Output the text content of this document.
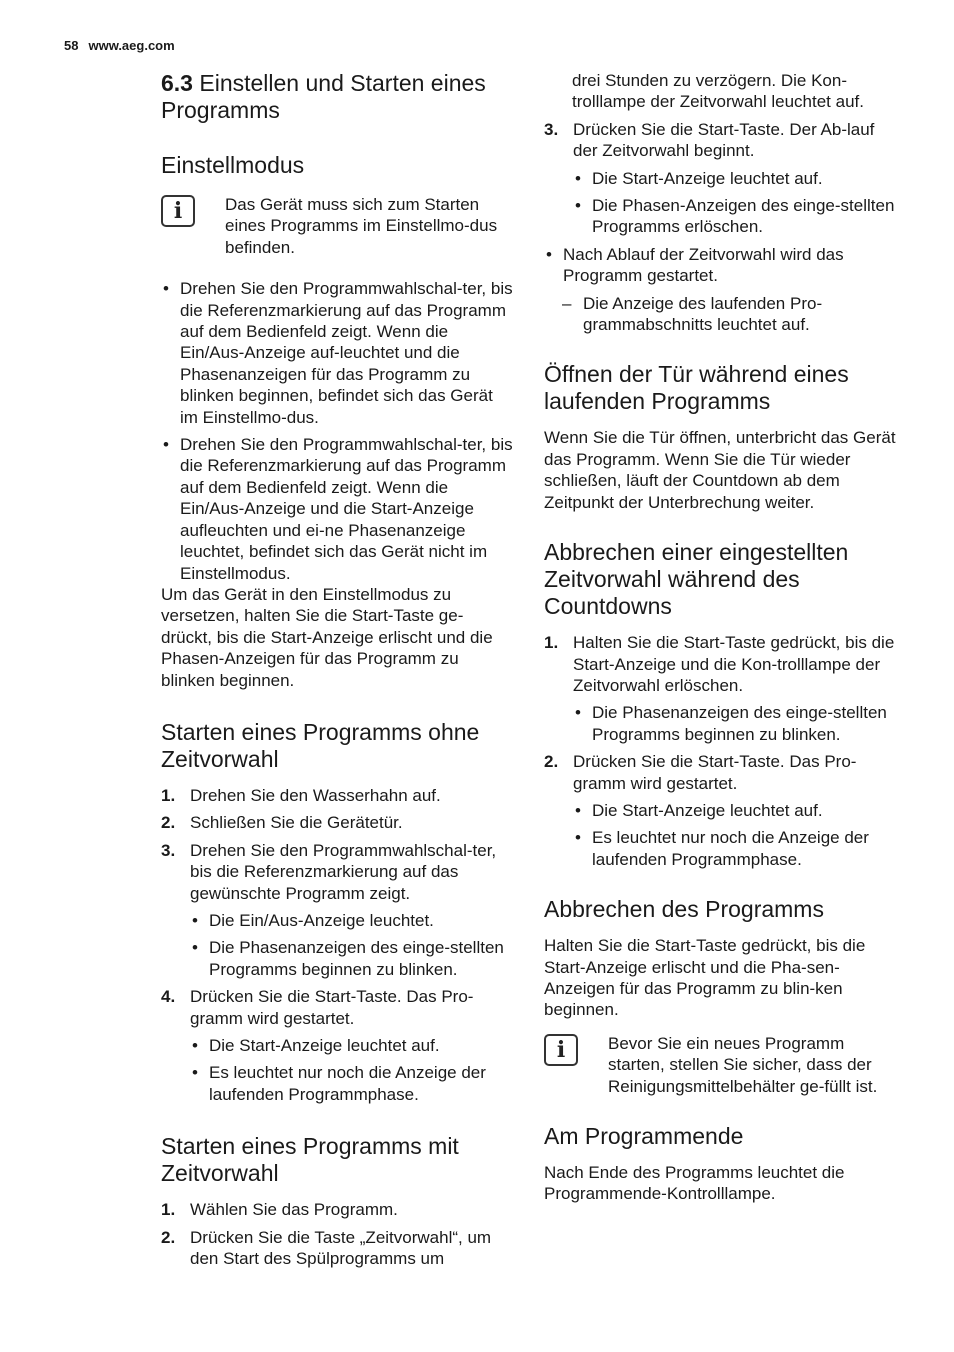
58 www.aeg.com
6.3 Einstellen und Starten eines Programms
Einstellmodus
i	Das Gerät muss sich zum Starten eines Programms im Einstellmo-dus befinden.

• Drehen Sie den Programmwahlschal-ter, bis die Referenzmarkierung auf das Programm auf dem Bedienfeld zeigt. Wenn die Ein/Aus-Anzeige auf-leuchtet und die Phasenanzeigen für das Programm zu blinken beginnen, befindet sich das Gerät im Einstellmo-dus.
• Drehen Sie den Programmwahlschal-ter, bis die Referenzmarkierung auf das Programm auf dem Bedienfeld zeigt. Wenn die Ein/Aus-Anzeige und die Start-Anzeige aufleuchten und ei-ne Phasenanzeige leuchtet, befindet sich das Gerät nicht im Einstellmodus.

Um das Gerät in den Einstellmodus zu versetzen, halten Sie die Start-Taste ge-drückt, bis die Start-Anzeige erlischt und die Phasen-Anzeigen für das Programm zu blinken beginnen.

Starten eines Programms ohne Zeitvorwahl
1. Drehen Sie den Wasserhahn auf.
2. Schließen Sie die Gerätetür.
3. Drehen Sie den Programmwahlschal-ter, bis die Referenzmarkierung auf das gewünschte Programm zeigt.
• Die Ein/Aus-Anzeige leuchtet.
• Die Phasenanzeigen des einge-stellten Programms beginnen zu blinken.
4. Drücken Sie die Start-Taste. Das Pro-gramm wird gestartet.
• Die Start-Anzeige leuchtet auf.
• Es leuchtet nur noch die Anzeige der laufenden Programmphase.
Starten eines Programms mit Zeitvorwahl
1. Wählen Sie das Programm.
2. Drücken Sie die Taste „Zeitvorwahl“, um den Start des Spülprogramms um

drei Stunden zu verzögern. Die Kon-trolllampe der Zeitvorwahl leuchtet auf.

3. Drücken Sie die Start-Taste. Der Ab-lauf der Zeitvorwahl beginnt.
• Die Start-Anzeige leuchtet auf.
• Die Phasen-Anzeigen des einge-stellten Programms erlöschen.
• Nach Ablauf der Zeitvorwahl wird das Programm gestartet.
– Die Anzeige des laufenden Pro-grammabschnitts leuchtet auf.
Öffnen der Tür während eines laufenden Programms

Wenn Sie die Tür öffnen, unterbricht das Gerät das Programm. Wenn Sie die Tür wieder schließen, läuft der Countdown ab dem Zeitpunkt der Unterbrechung weiter.

Abbrechen einer eingestellten Zeitvorwahl während des Countdowns
1. Halten Sie die Start-Taste gedrückt, bis die Start-Anzeige und die Kon-trolllampe der Zeitvorwahl erlöschen.
• Die Phasenanzeigen des einge-stellten Programms beginnen zu blinken.
2. Drücken Sie die Start-Taste. Das Pro-gramm wird gestartet.
• Die Start-Anzeige leuchtet auf.
• Es leuchtet nur noch die Anzeige der laufenden Programmphase.
Abbrechen des Programms

Halten Sie die Start-Taste gedrückt, bis die Start-Anzeige erlischt und die Pha-sen-Anzeigen für das Programm zu blin-ken beginnen.

i	Bevor Sie ein neues Programm starten, stellen Sie sicher, dass der Reinigungsmittelbehälter ge-füllt ist.

Am Programmende

Nach Ende des Programms leuchtet die Programmende-Kontrolllampe.
